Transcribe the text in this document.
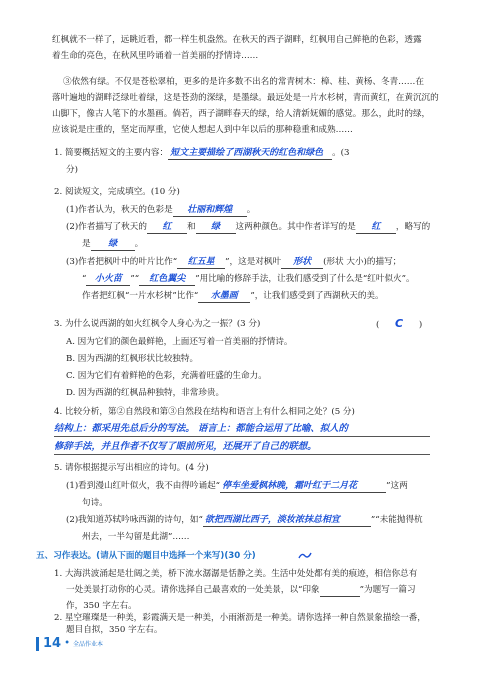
红枫就不一样了，远眺近看，都一样生机盎然。在秋天的西子湖畔，红枫用自己鲜艳的色彩，透露
着生命的亮色，在秋风里吟诵着一首美丽的抒情诗……
③依然有绿。不仅是苍松翠柏，更多的是许多数不出名的常青树木：樟、桂、黄杨、冬青……在
落叶遍地的湖畔泛绿吐着绿，这是苍劲的深绿，是墨绿。最远处是一片水杉树，青而黄红，在黄沉沉的
山脚下，像古人笔下的水墨画。倘若，西子湖畔春天的绿，给人清新妩媚的感觉。那么，此时的绿，
应该说是庄重的，坚定而厚重，它使人想起人到中年以后的那种稳重和成熟……
1. 简要概括短文的主要内容： 短文主要描绘了西湖秋天的红色和绿色 。(3
分)
2. 阅读短文，完成填空。(10 分)
(1)作者认为，秋天的色彩是 壮丽和辉煌 。
(2)作者描写了秋天的 红 和 绿 这两种颜色。其中作者详写的是 红 ，略写的
是 绿 。
(3)作者把枫叶中的叶片比作“ 红五星 ”，这是对枫叶 形状 (形状 大小)的描写；
“ 小火苗 ”“ 红色翼尖 ”用比喻的修辞手法，让我们感受到了什么是“红叶似火”。
作者把红枫“一片水杉树”比作“ 水墨画 ”，让我们感受到了西湖秋天的美。
3. 为什么说西湖的如火红枫令人身心为之一振？(3 分)	( C )
A. 因为它们的颜色最鲜艳，上面还写着一首美丽的抒情诗。
B. 因为西湖的红枫形状比较独特。
C. 因为它们有着鲜艳的色彩，充满着旺盛的生命力。
D. 因为西湖的红枫品种独特，非常珍贵。
4. 比较分析，第②自然段和第③自然段在结构和语言上有什么相同之处？(5 分)
结构上：都采用先总后分的写法。 语言上：都能合运用了比喻、拟人的
修辞手法，并且作者不仅写了眼前所见，还展开了自己的联想。
5. 请你根据提示写出相应的诗句。(4 分)
(1)看到漫山红叶似火，我不由得吟诵起“ 停车坐爱枫林晚，霜叶红于二月花	”这两
句诗。
(2)我知道苏轼吟咏西湖的诗句，如“ 欲把西湖比西子，淡妆浓抹总相宜	”“未能抛得杭
州去，一半勾留是此湖”……
五、习作表达。(请从下面的题目中选择一个来写)(30 分)
1. 大海洪波涌起是壮阔之美，桥下流水潺潺是恬静之美。生活中处处都有美的痕迹，相信你总有
一处美景打动你的心灵。请你选择自己最喜欢的一处美景，以“印象	”为题写一篇习
作，350 字左右。
14 • 全品作业本
2. 星空璀璨是一种美，彩霞满天是一种美，小雨淅沥是一种美。请你选择一种自然景象描绘一番，
题目自拟，350 字左右。
